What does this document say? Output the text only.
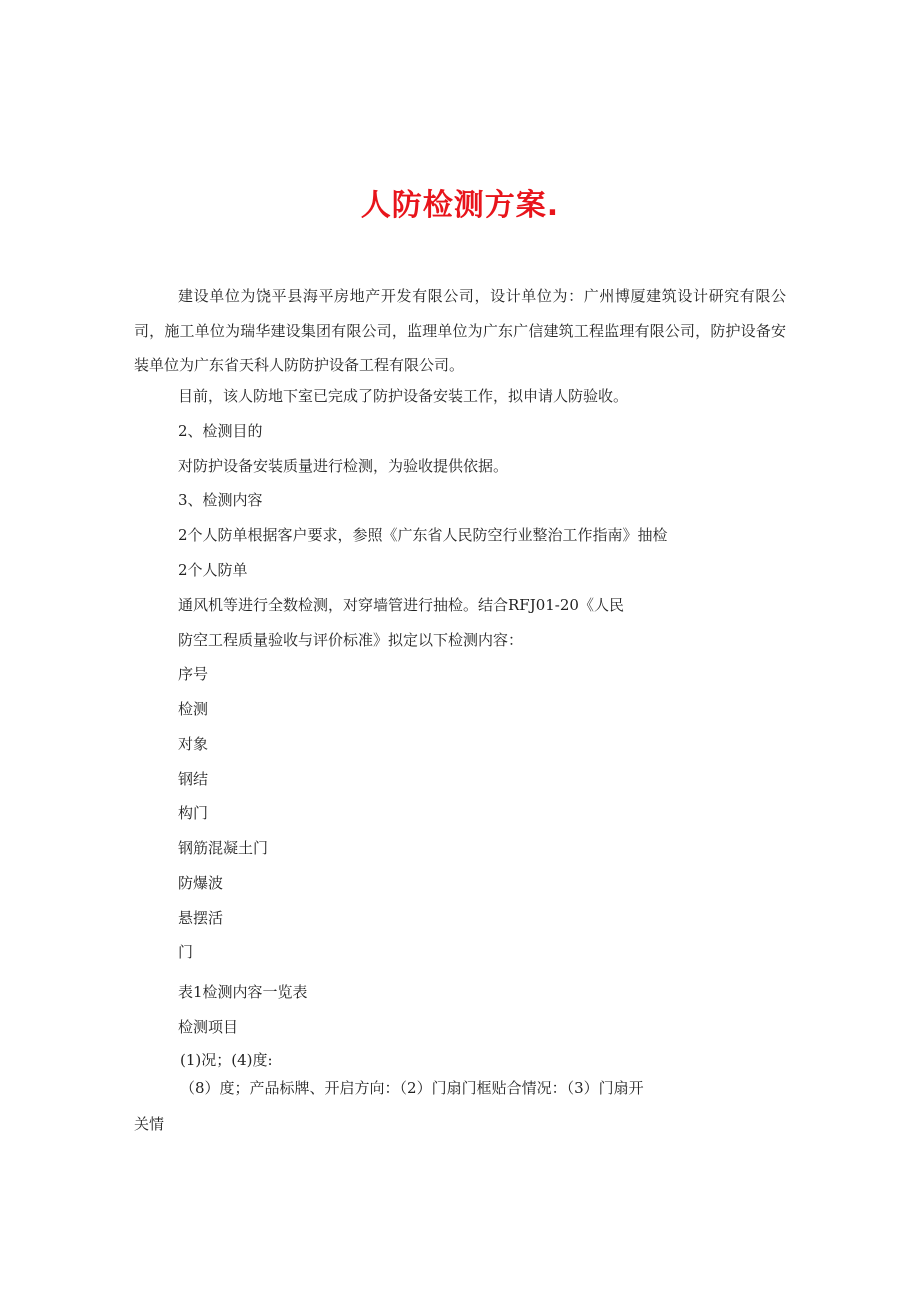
人防检测方案.

建设单位为饶平县海平房地产开发有限公司，设计单位为：广州博厦建筑设计研究有限公司，施工单位为瑞华建设集团有限公司，监理单位为广东广信建筑工程监理有限公司，防护设备安装单位为广东省天科人防防护设备工程有限公司。

目前，该人防地下室已完成了防护设备安装工作，拟申请人防验收。

2、检测目的

对防护设备安装质量进行检测，为验收提供依据。

3、检测内容

2个人防单根据客户要求，参照《广东省人民防空行业整治工作指南》抽检

2个人防单

通风机等进行全数检测，对穿墙管进行抽检。结合RFJ01-20《人民

防空工程质量验收与评价标准》拟定以下检测内容：

序号

检测

对象

钢结

构门

钢筋混凝土门

防爆波

悬摆活

门

表1检测内容一览表

检测项目

(1)况；(4)度:

（8）度；产品标牌、开启方向：（2）门扇门框贴合情况：（3）门扇开

关情
